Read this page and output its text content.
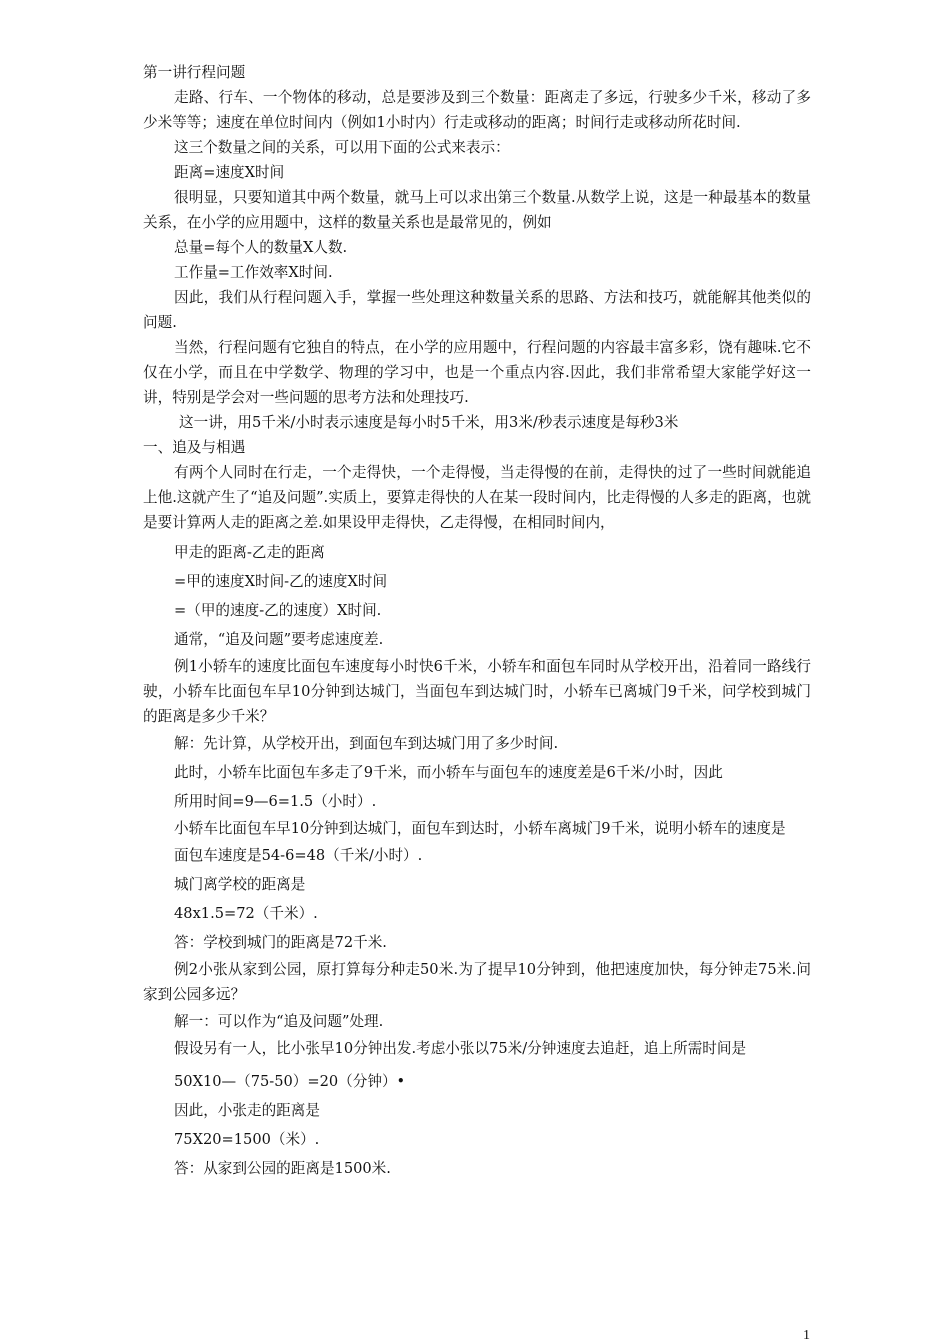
第一讲行程问题

走路、行车、一个物体的移动，总是要涉及到三个数量：距离走了多远，行驶多少千米，移动了多少米等等；速度在单位时间内（例如1小时内）行走或移动的距离；时间行走或移动所花时间.

这三个数量之间的关系，可以用下面的公式来表示：

距离=速度X时间

很明显，只要知道其中两个数量，就马上可以求出第三个数量.从数学上说，这是一种最基本的数量关系，在小学的应用题中，这样的数量关系也是最常见的，例如

总量=每个人的数量X人数.

工作量=工作效率X时间.

因此，我们从行程问题入手，掌握一些处理这种数量关系的思路、方法和技巧，就能解其他类似的问题.

当然，行程问题有它独自的特点，在小学的应用题中，行程问题的内容最丰富多彩，饶有趣味.它不仅在小学，而且在中学数学、物理的学习中，也是一个重点内容.因此，我们非常希望大家能学好这一讲，特别是学会对一些问题的思考方法和处理技巧.

这一讲，用5千米/小时表示速度是每小时5千米，用3米/秒表示速度是每秒3米

一、追及与相遇

有两个人同时在行走，一个走得快，一个走得慢，当走得慢的在前，走得快的过了一些时间就能追上他.这就产生了“追及问题”.实质上，要算走得快的人在某一段时间内，比走得慢的人多走的距离，也就是要计算两人走的距离之差.如果设甲走得快，乙走得慢，在相同时间内，

甲走的距离-乙走的距离

=甲的速度X时间-乙的速度X时间

=（甲的速度-乙的速度）X时间.

通常，“追及问题”要考虑速度差.

例1小轿车的速度比面包车速度每小时快6千米，小轿车和面包车同时从学校开出，沿着同一路线行驶，小轿车比面包车早10分钟到达城门，当面包车到达城门时，小轿车已离城门9千米，问学校到城门的距离是多少千米？

解：先计算，从学校开出，到面包车到达城门用了多少时间.

此时，小轿车比面包车多走了9千米，而小轿车与面包车的速度差是6千米/小时，因此

所用时间=9—6=1.5（小时）.

小轿车比面包车早10分钟到达城门，面包车到达时，小轿车离城门9千米，说明小轿车的速度是

面包车速度是54-6=48（千米/小时）.

城门离学校的距离是

48x1.5=72（千米）.

答：学校到城门的距离是72千米.

例2小张从家到公园，原打算每分种走50米.为了提早10分钟到，他把速度加快，每分钟走75米.问家到公园多远？

解一：可以作为“追及问题”处理.

假设另有一人，比小张早10分钟出发.考虑小张以75米/分钟速度去追赶，追上所需时间是

50X10—（75-50）=20（分钟）•

因此，小张走的距离是

75X20=1500（米）.

答：从家到公园的距离是1500米.

1
